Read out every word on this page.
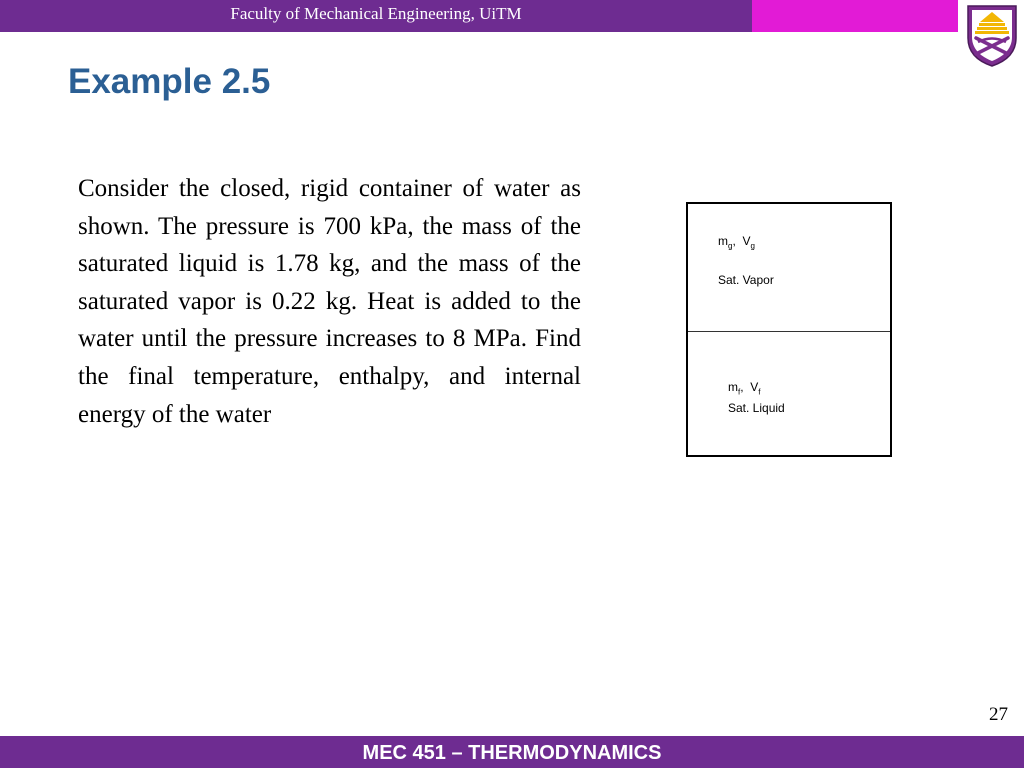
Faculty of Mechanical Engineering, UiTM
Example 2.5

Consider the closed, rigid container of water as shown. The pressure is 700 kPa, the mass of the saturated liquid is 1.78 kg, and the mass of the saturated vapor is 0.22 kg. Heat is added to the water until the pressure increases to 8 MPa. Find the final temperature, enthalpy, and internal energy of the water

$m_g$,  $V_g$
Sat. Vapor
$m_f$,  $V_f$
Sat. Liquid
27
MEC 451 – THERMODYNAMICS
